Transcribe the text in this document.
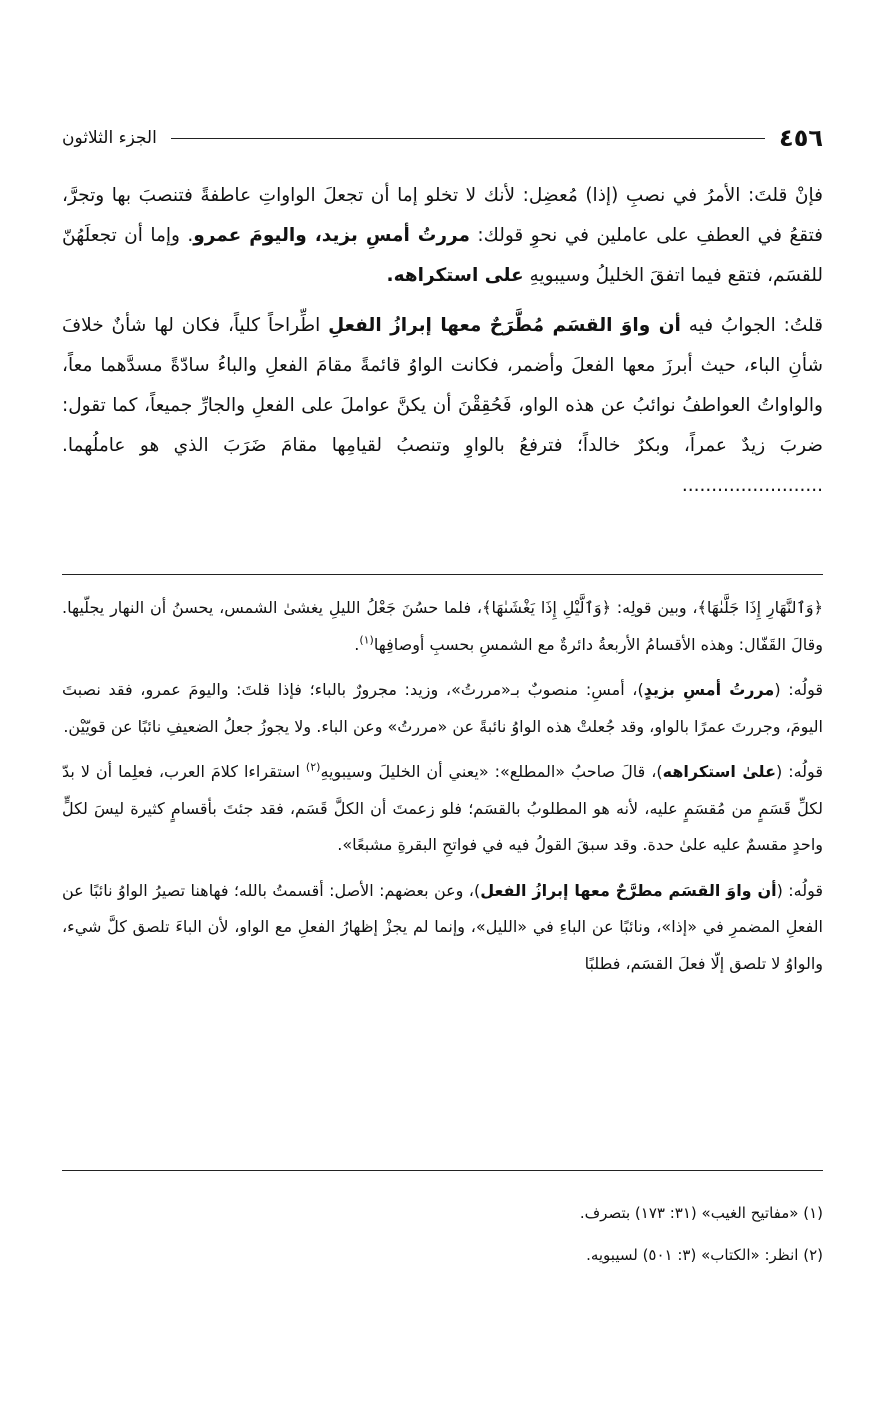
٤٥٦
الجزء الثلاثون

فإنْ قلتَ: الأمرُ في نصبِ (إذا) مُعضِل: لأنك لا تخلو إما أن تجعلَ الواواتِ عاطفةً فتنصبَ بها وتجرَّ، فتقعُ في العطفِ على عاملين في نحوِ قولك: مررتُ أمسِ بزيد، واليومَ عمرو. وإما أن تجعلَهُنّ للقسَم، فتقع فيما اتفقَ الخليلُ وسيبويهِ على استكراهه.

قلتُ: الجوابُ فيه أن واوَ القسَم مُطَّرَحٌ معها إبرازُ الفعلِ اطِّراحاً كلياً، فكان لها شأنٌ خلافَ شأنِ الباء، حيث أبرزَ معها الفعلَ وأضمر، فكانت الواوُ قائمةً مقامَ الفعلِ والباءُ سادّةً مسدَّهما معاً، والواواتُ العواطفُ نوائبُ عن هذه الواو، فَحُقِقْنَ أن يكنَّ عواملَ على الفعلِ والجارِّ جميعاً، كما تقول: ضربَ زيدٌ عمراً، وبكرٌ خالداً؛ فترفعُ بالواوِ وتنصبُ لقيامِها مقامَ ضَرَبَ الذي هو عاملُهما. ........................

﴿وَٱلنَّهَارِ إِذَا جَلَّىٰهَا﴾، وبين قولِه: ﴿وَٱلَّيْلِ إِذَا يَغْشَىٰهَا﴾، فلما حسُنَ جَعْلُ الليلِ يغشىٰ الشمس، يحسنُ أن النهار يجلّيها. وقالَ القَفّال: وهذه الأقسامُ الأربعةُ دائرةٌ مع الشمسِ بحسبِ أوصافِها$^{(١)}$.

قولُه: (مررتُ أمسِ بزيدٍ)، أمسِ: منصوبٌ بـ«مررتُ»، وزيد: مجرورٌ بالباء؛ فإذا قلتَ: واليومَ عمرو، فقد نصبتَ اليومَ، وجررتَ عمرًا بالواو، وقد جُعلتْ هذه الواوُ نائبةً عن «مررتُ» وعن الباء. ولا يجوزُ جعلُ الضعيفِ نائبًا عن قويّيْن.

قولُه: (علىٰ استكراهه)، قالَ صاحبُ «المطلع»: «يعني أن الخليلَ وسيبويهِ$^{(٢)}$ استقراءا كلامَ العرب، فعلِما أن لا بدّ لكلِّ قَسَمٍ من مُقسَمٍ عليه، لأنه هو المطلوبُ بالقسَم؛ فلو زعمتَ أن الكلَّ قَسَم، فقد جئتَ بأقسامٍ كثيرة ليسَ لكلٍّ واحدٍ مقسمٌ عليه علىٰ حدة. وقد سبقَ القولُ فيه في فواتحِ البقرةِ مشبعًا».

قولُه: (أن واوَ القسَم مطرَّحٌ معها إبرازُ الفعل)، وعن بعضهم: الأصل: أقسمتُ بالله؛ فهاهنا تصيرُ الواوُ نائبًا عن الفعلِ المضمرِ في «إذا»، ونائبًا عن الباءِ في «الليل»، وإنما لم يجزْ إظهارُ الفعلِ مع الواو، لأن الباءَ تلصق كلَّ شيء، والواوُ لا تلصق إلّا فعلَ القسَم، فطلبًا

(١) «مفاتيح الغيب» (٣١: ١٧٣) بتصرف.

(٢) انظر: «الكتاب» (٣: ٥٠١) لسيبويه.
